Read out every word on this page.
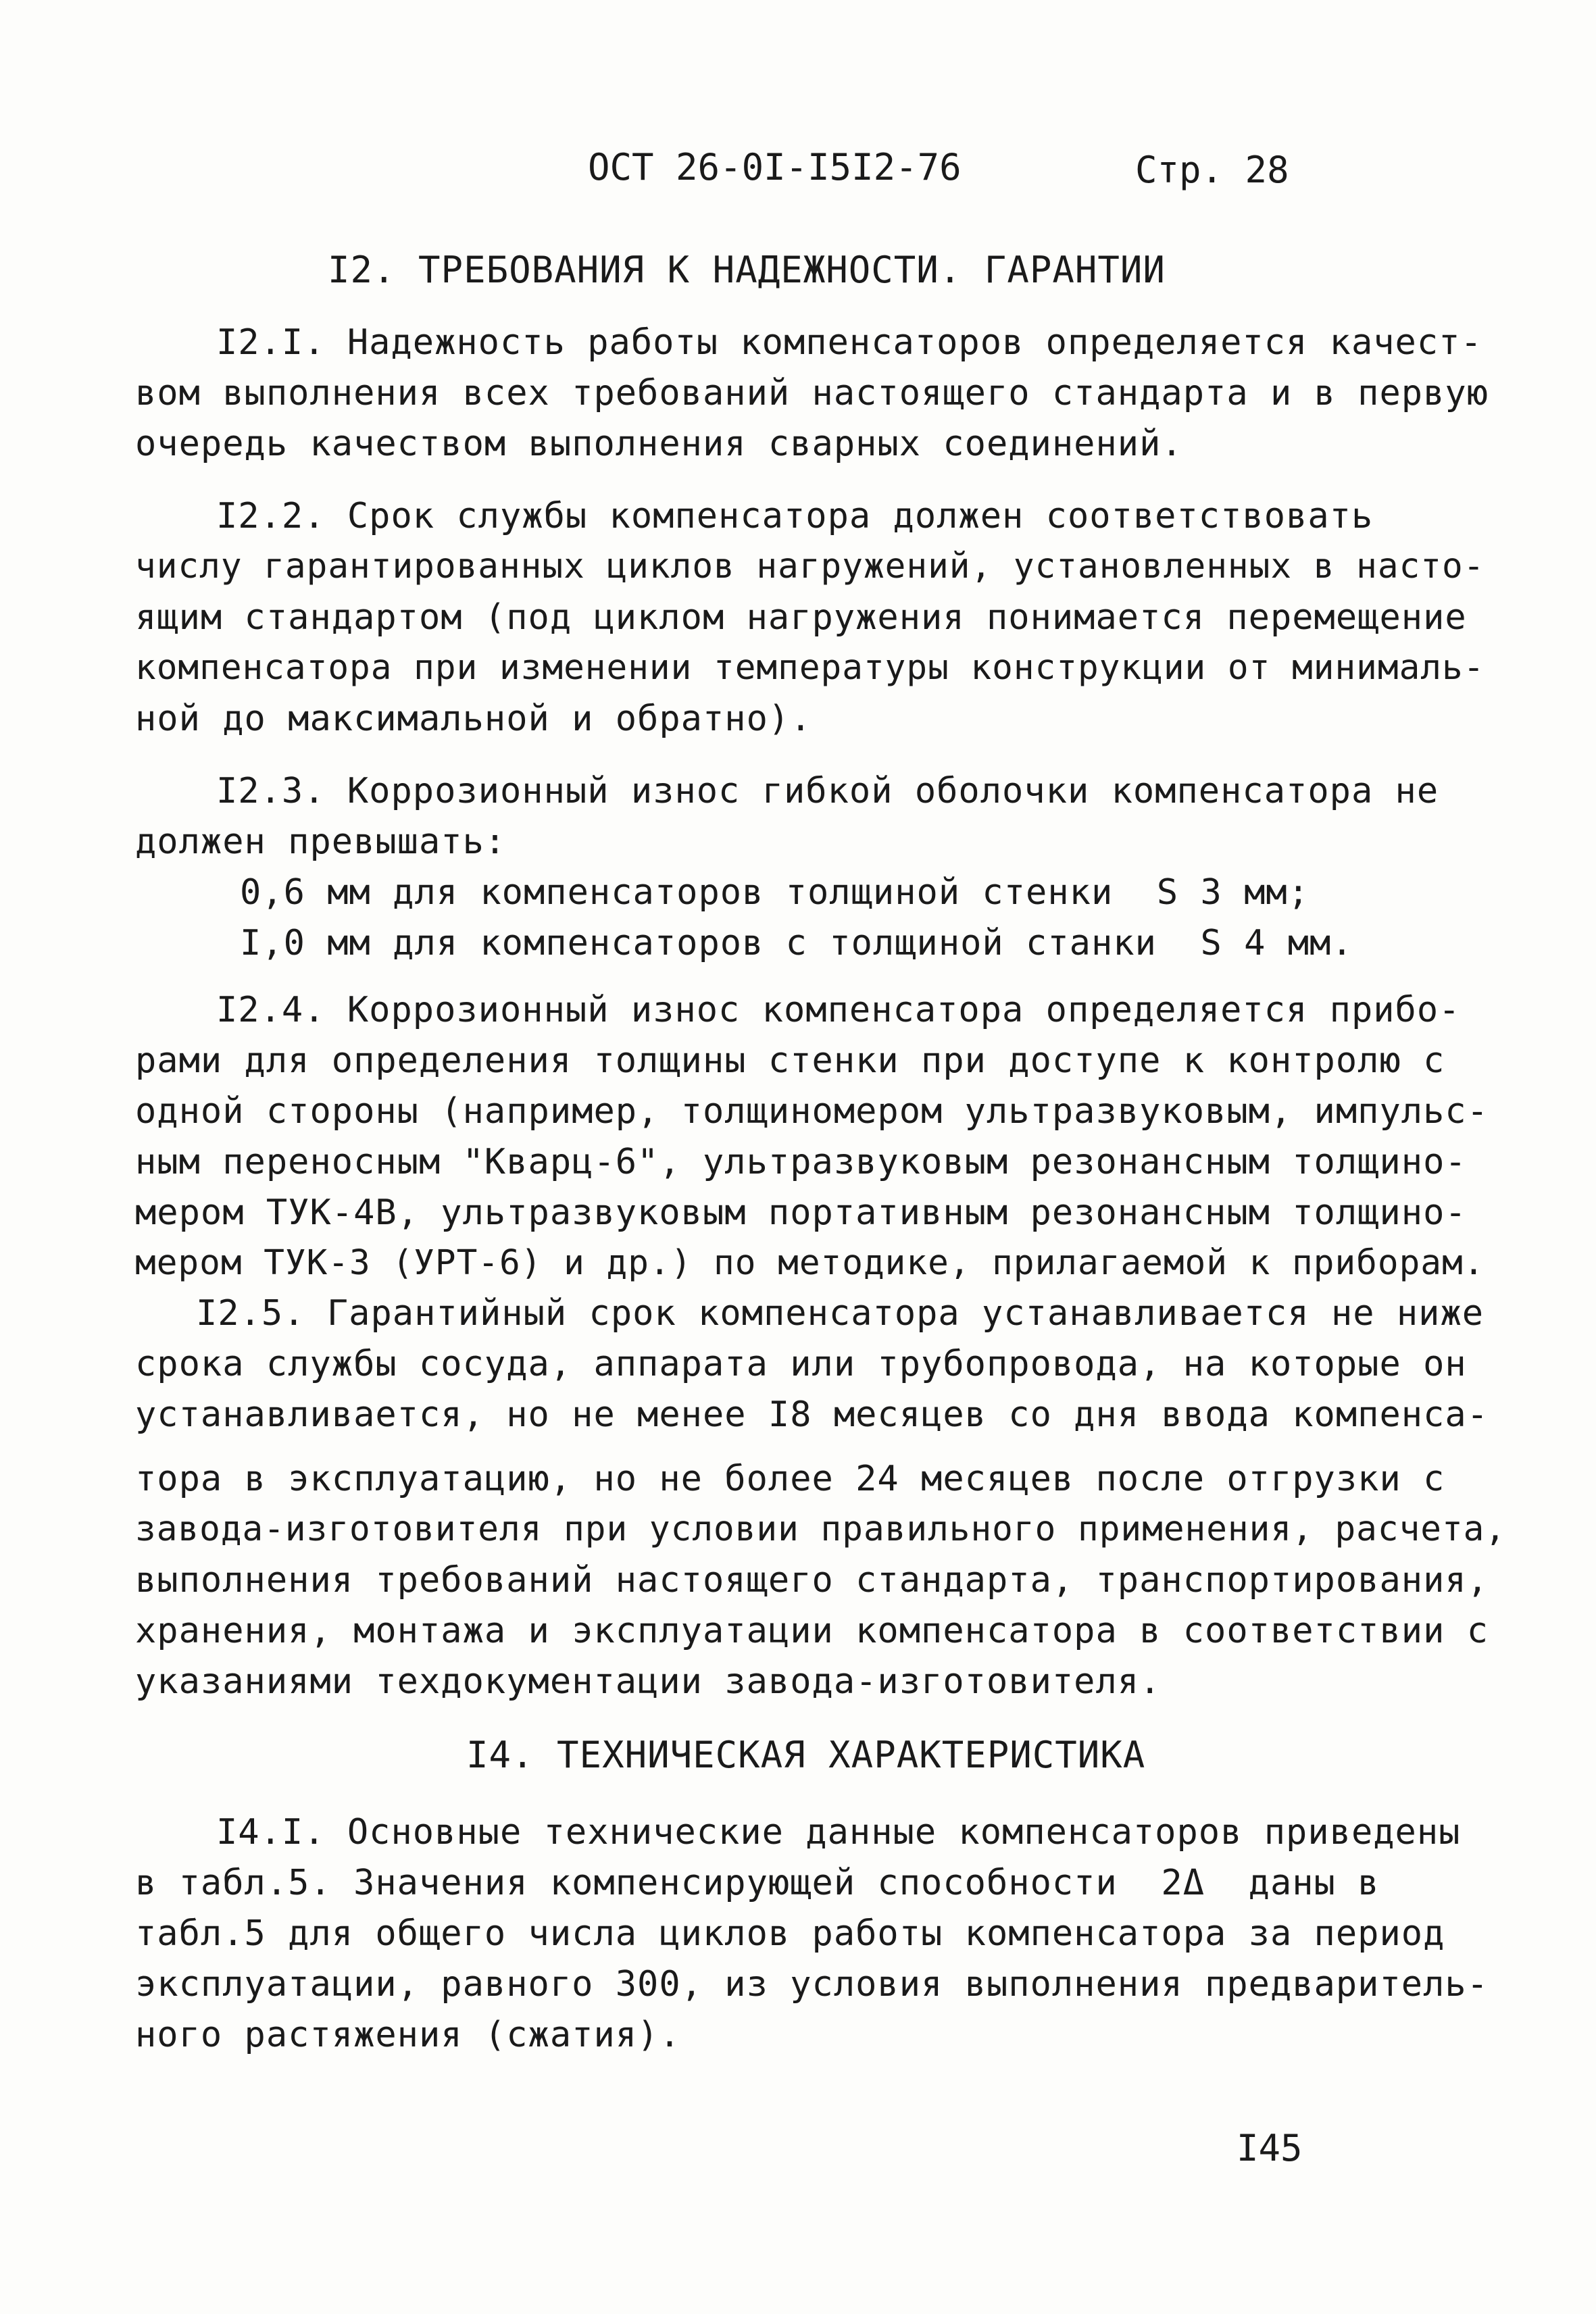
ОСТ 26-0I-I5I2-76	Стр. 28
I2. ТРЕБОВАНИЯ К НАДЕЖНОСТИ. ГАРАНТИИ
I2.I. Надежность работы компенсаторов определяется качест-
вом выполнения всех требований настоящего стандарта и в первую
очередь качеством выполнения сварных соединений.
I2.2. Срок службы компенсатора должен соответствовать
числу гарантированных циклов нагружений, установленных в насто-
ящим стандартом (под циклом нагружения понимается перемещение
компенсатора при изменении температуры конструкции от минималь-
ной до максимальной и обратно).
I2.3. Коррозионный износ гибкой оболочки компенсатора не
должен превышать:
0,6 мм для компенсаторов толщиной стенки  S 3 мм;
I,0 мм для компенсаторов с толщиной станки  S 4 мм.
I2.4. Коррозионный износ компенсатора определяется прибо-
рами для определения толщины стенки при доступе к контролю с
одной стороны (например, толщиномером ультразвуковым, импульс-
ным переносным "Кварц-6", ультразвуковым резонансным толщино-
мером ТУК-4В, ультразвуковым портативным резонансным толщино-
мером ТУК-3 (УРТ-6) и др.) по методике, прилагаемой к приборам.
I2.5. Гарантийный срок компенсатора устанавливается не ниже
срока службы сосуда, аппарата или трубопровода, на которые он
устанавливается, но не менее I8 месяцев со дня ввода компенса-
тора в эксплуатацию, но не более 24 месяцев после отгрузки с
завода-изготовителя при условии правильного применения, расчета,
выполнения требований настоящего стандарта, транспортирования,
хранения, монтажа и эксплуатации компенсатора в соответствии с
указаниями техдокументации завода-изготовителя.
I4. ТЕХНИЧЕСКАЯ ХАРАКТЕРИСТИКА
I4.I. Основные технические данные компенсаторов приведены
в табл.5. Значения компенсирующей способности  2Δ  даны в
табл.5 для общего числа циклов работы компенсатора за период
эксплуатации, равного 300, из условия выполнения предваритель-
ного растяжения (сжатия).
I45
